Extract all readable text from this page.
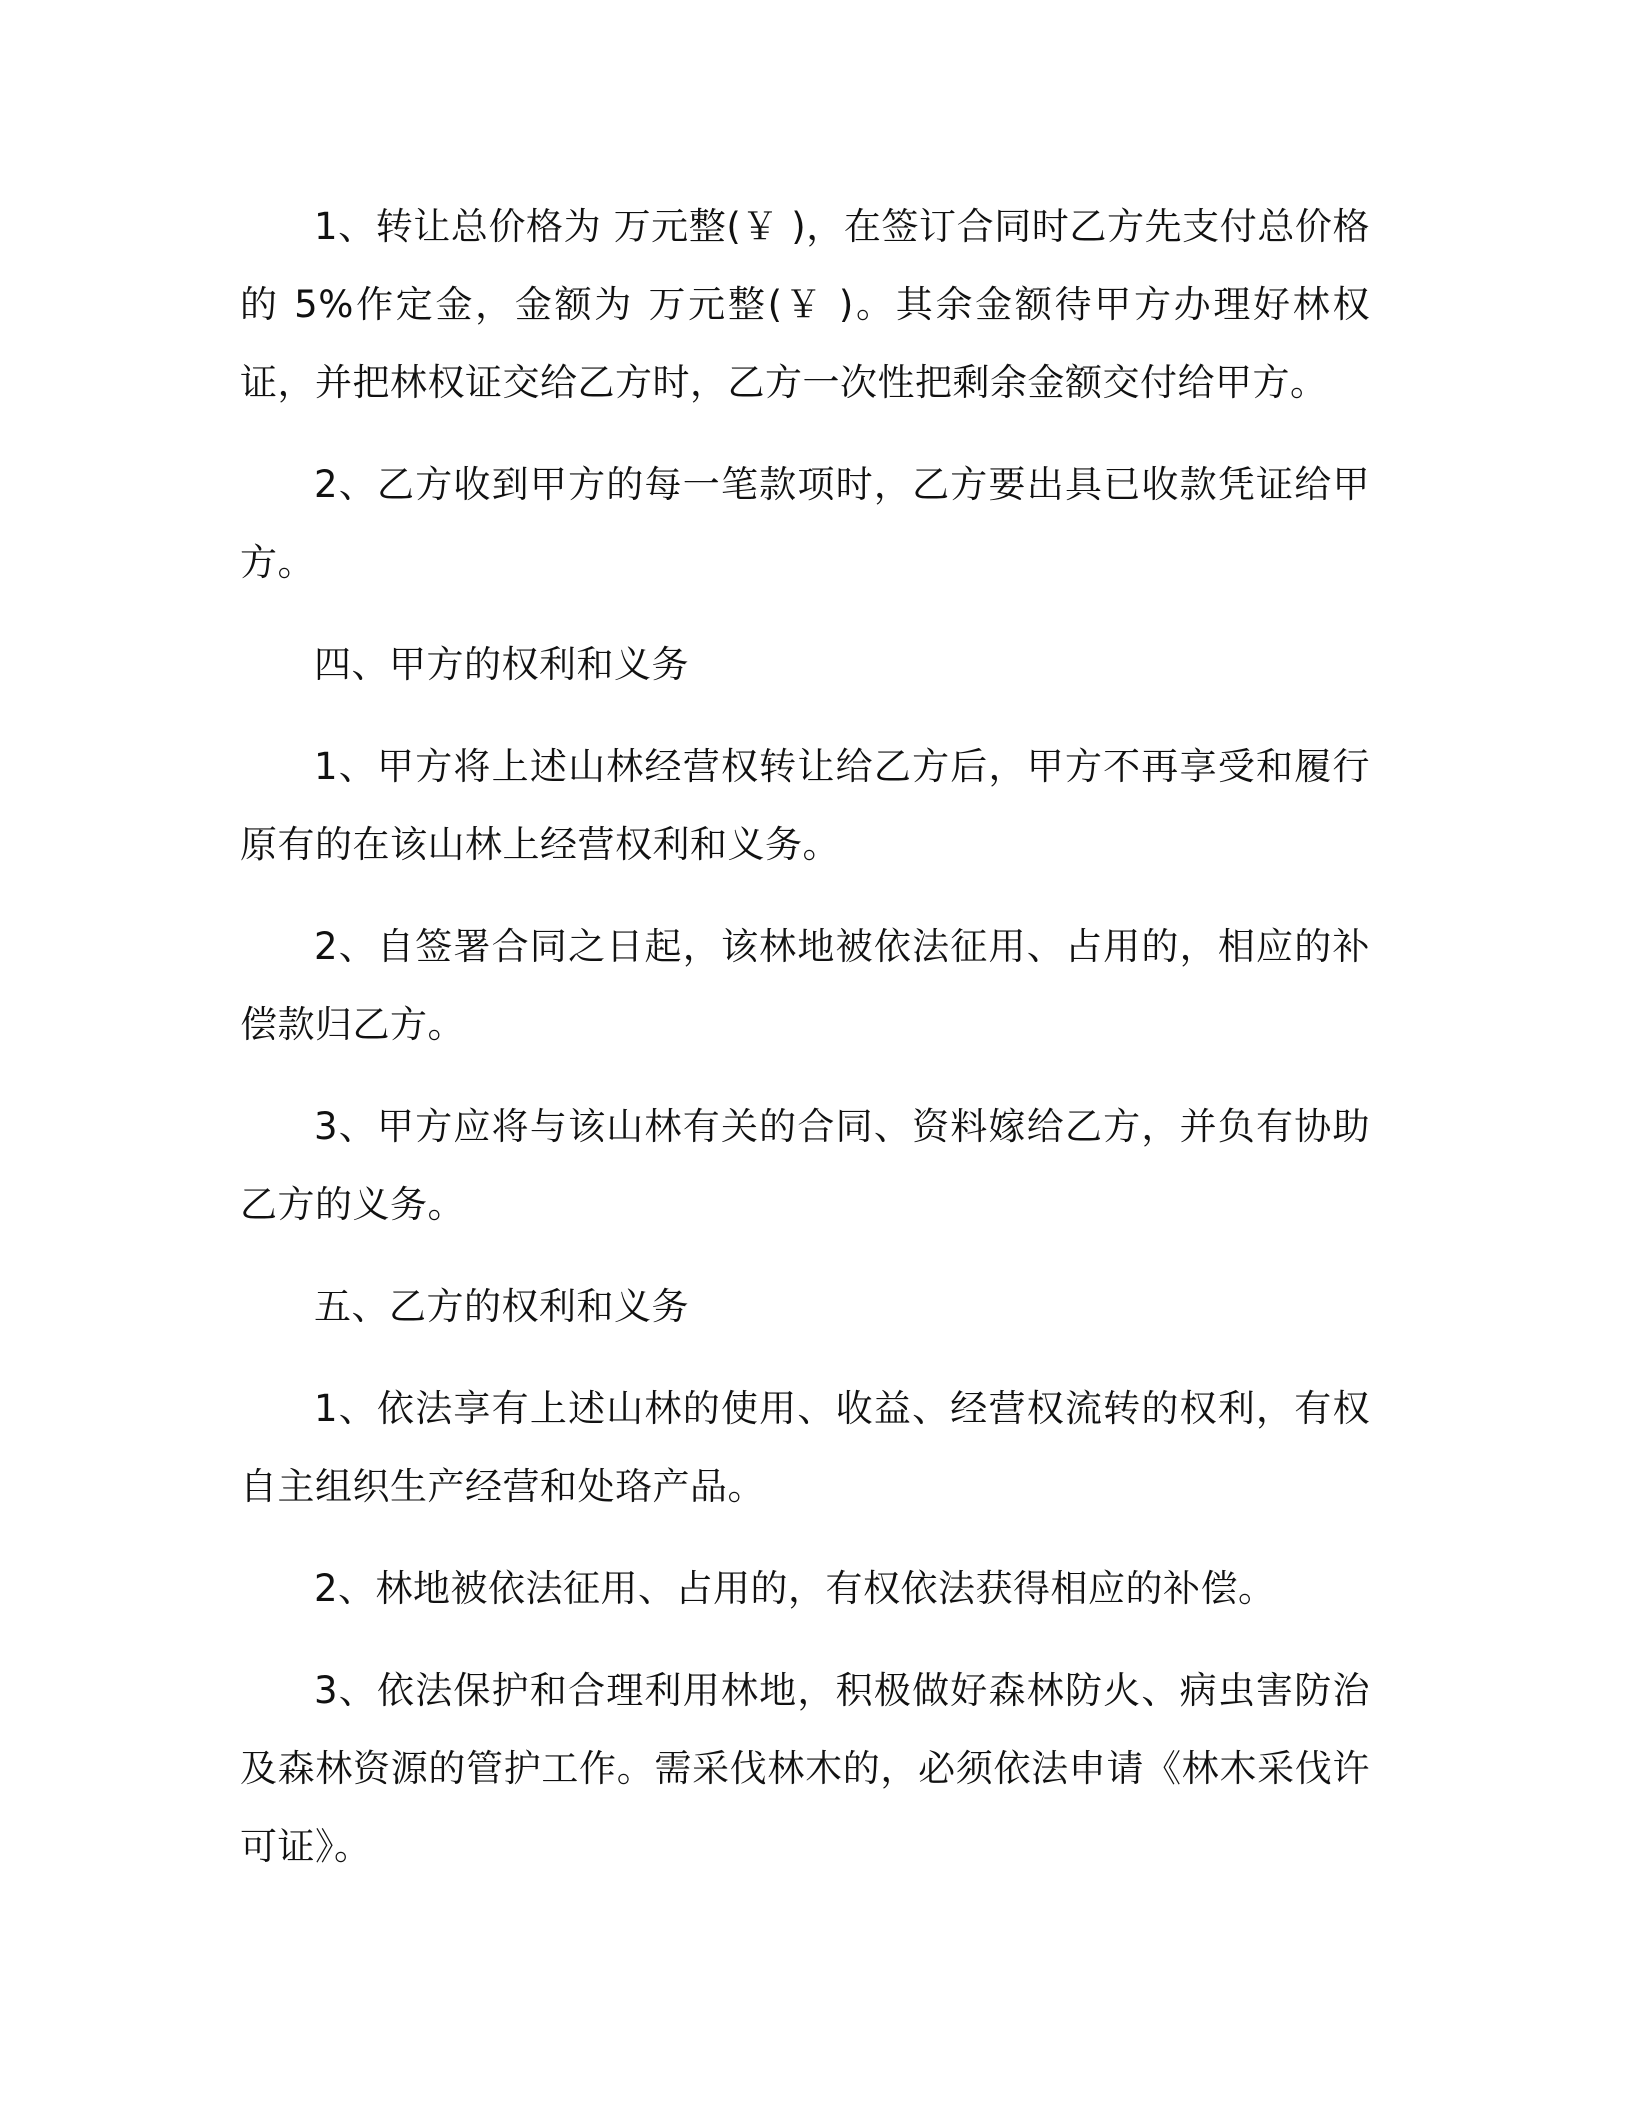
1、转让总价格为 万元整(￥ )，在签订合同时乙方先支付总价格的 5%作定金，金额为 万元整(￥ )。其余金额待甲方办理好林权证，并把林权证交给乙方时，乙方一次性把剩余金额交付给甲方。

2、乙方收到甲方的每一笔款项时，乙方要出具已收款凭证给甲方。

四、甲方的权利和义务

1、甲方将上述山林经营权转让给乙方后，甲方不再享受和履行原有的在该山林上经营权利和义务。

2、自签署合同之日起，该林地被依法征用、占用的，相应的补偿款归乙方。

3、甲方应将与该山林有关的合同、资料嫁给乙方，并负有协助乙方的义务。

五、乙方的权利和义务

1、依法享有上述山林的使用、收益、经营权流转的权利，有权自主组织生产经营和处珞产品。

2、林地被依法征用、占用的，有权依法获得相应的补偿。

3、依法保护和合理利用林地，积极做好森林防火、病虫害防治及森林资源的管护工作。需采伐林木的，必须依法申请《林木采伐许可证》。
